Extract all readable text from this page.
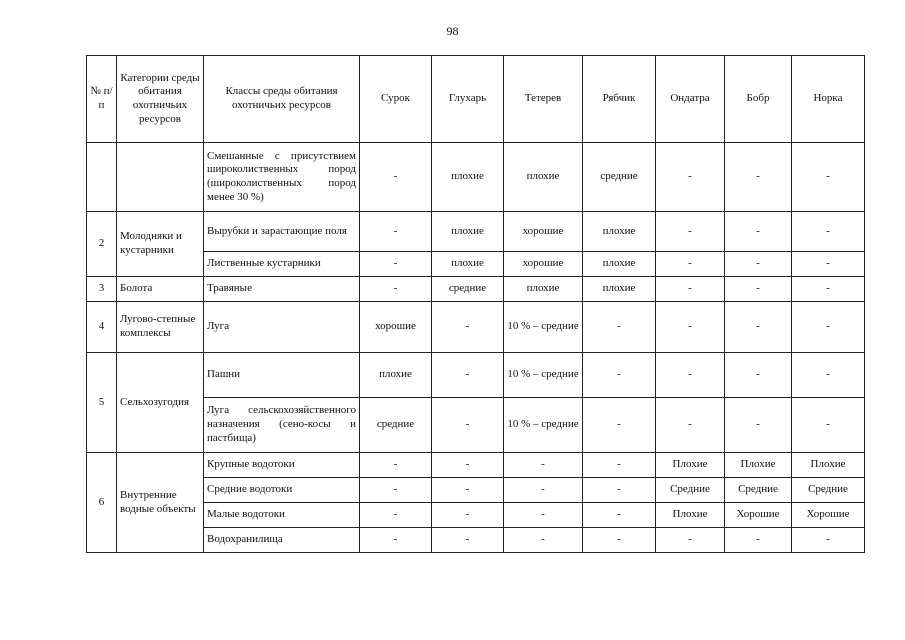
98
№ п/п	Категории среды обитания охотничьих ресурсов	Классы среды обитания охотничьих ресурсов	Сурок	Глухарь	Тетерев	Рябчик	Ондатра	Бобр	Норка
		Смешанные с присутствием широколиственных пород (широколиственных пород менее 30 %)	-	плохие	плохие	средние	-	-	-
2	Молодняки и кустарники	Вырубки и зарастающие поля	-	плохие	хорошие	плохие	-	-	-
		Лиственные кустарники	-	плохие	хорошие	плохие	-	-	-
3	Болота	Травяные	-	средние	плохие	плохие	-	-	-
4	Лугово-степные комплексы	Луга	хорошие	-	10 % – средние	-	-	-	-
5	Сельхозугодия	Пашни	плохие	-	10 % – средние	-	-	-	-
		Луга сельскохозяйственного назначения (сено-косы и пастбища)	средние	-	10 % – средние	-	-	-	-
6	Внутренние водные объекты	Крупные водотоки	-	-	-	-	Плохие	Плохие	Плохие
		Средние водотоки	-	-	-	-	Средние	Средние	Средние
		Малые водотоки	-	-	-	-	Плохие	Хорошие	Хорошие
		Водохранилища	-	-	-	-	-	-	-
